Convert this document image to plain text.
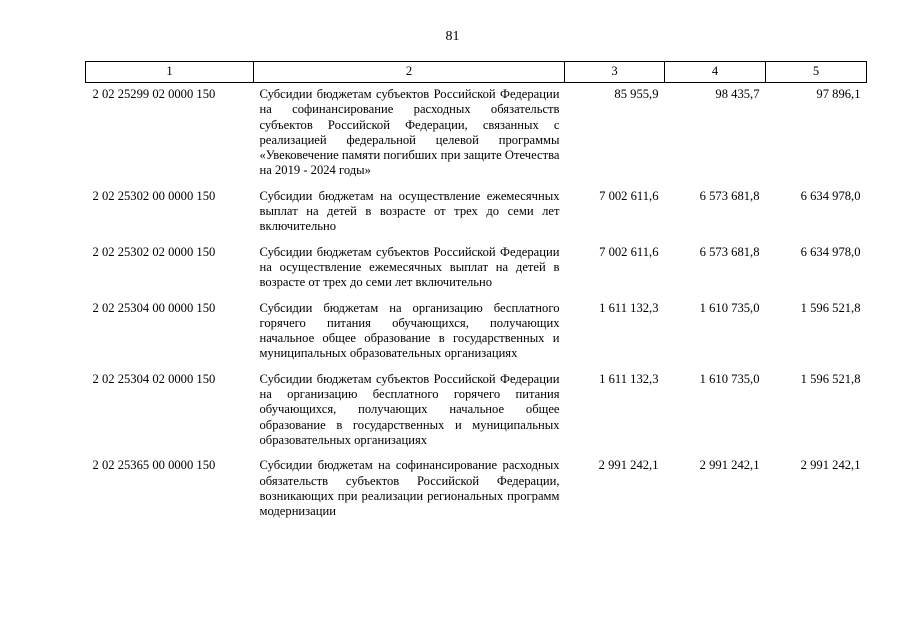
81
1	2	3	4	5
2 02 25299 02 0000 150	Субсидии бюджетам субъектов Российской Федерации на софинансирование расходных обязательств субъектов Российской Федерации, связанных с реализацией федеральной целевой программы «Увековечение памяти погибших при защите Отечества на 2019 - 2024 годы»	85 955,9	98 435,7	97 896,1
2 02 25302 00 0000 150	Субсидии бюджетам на осуществление ежемесячных выплат на детей в возрасте от трех до семи лет включительно	7 002 611,6	6 573 681,8	6 634 978,0
2 02 25302 02 0000 150	Субсидии бюджетам субъектов Российской Федерации на осуществление ежемесячных выплат на детей в возрасте от трех до семи лет включительно	7 002 611,6	6 573 681,8	6 634 978,0
2 02 25304 00 0000 150	Субсидии бюджетам на организацию бесплатного горячего питания обучающихся, получающих начальное общее образование в государственных и муниципальных образовательных организациях	1 611 132,3	1 610 735,0	1 596 521,8
2 02 25304 02 0000 150	Субсидии бюджетам субъектов Российской Федерации на организацию бесплатного горячего питания обучающихся, получающих начальное общее образование в государственных и муниципальных образовательных организациях	1 611 132,3	1 610 735,0	1 596 521,8
2 02 25365 00 0000 150	Субсидии бюджетам на софинансирование расходных обязательств субъектов Российской Федерации, возникающих при реализации региональных программ модернизации	2 991 242,1	2 991 242,1	2 991 242,1
